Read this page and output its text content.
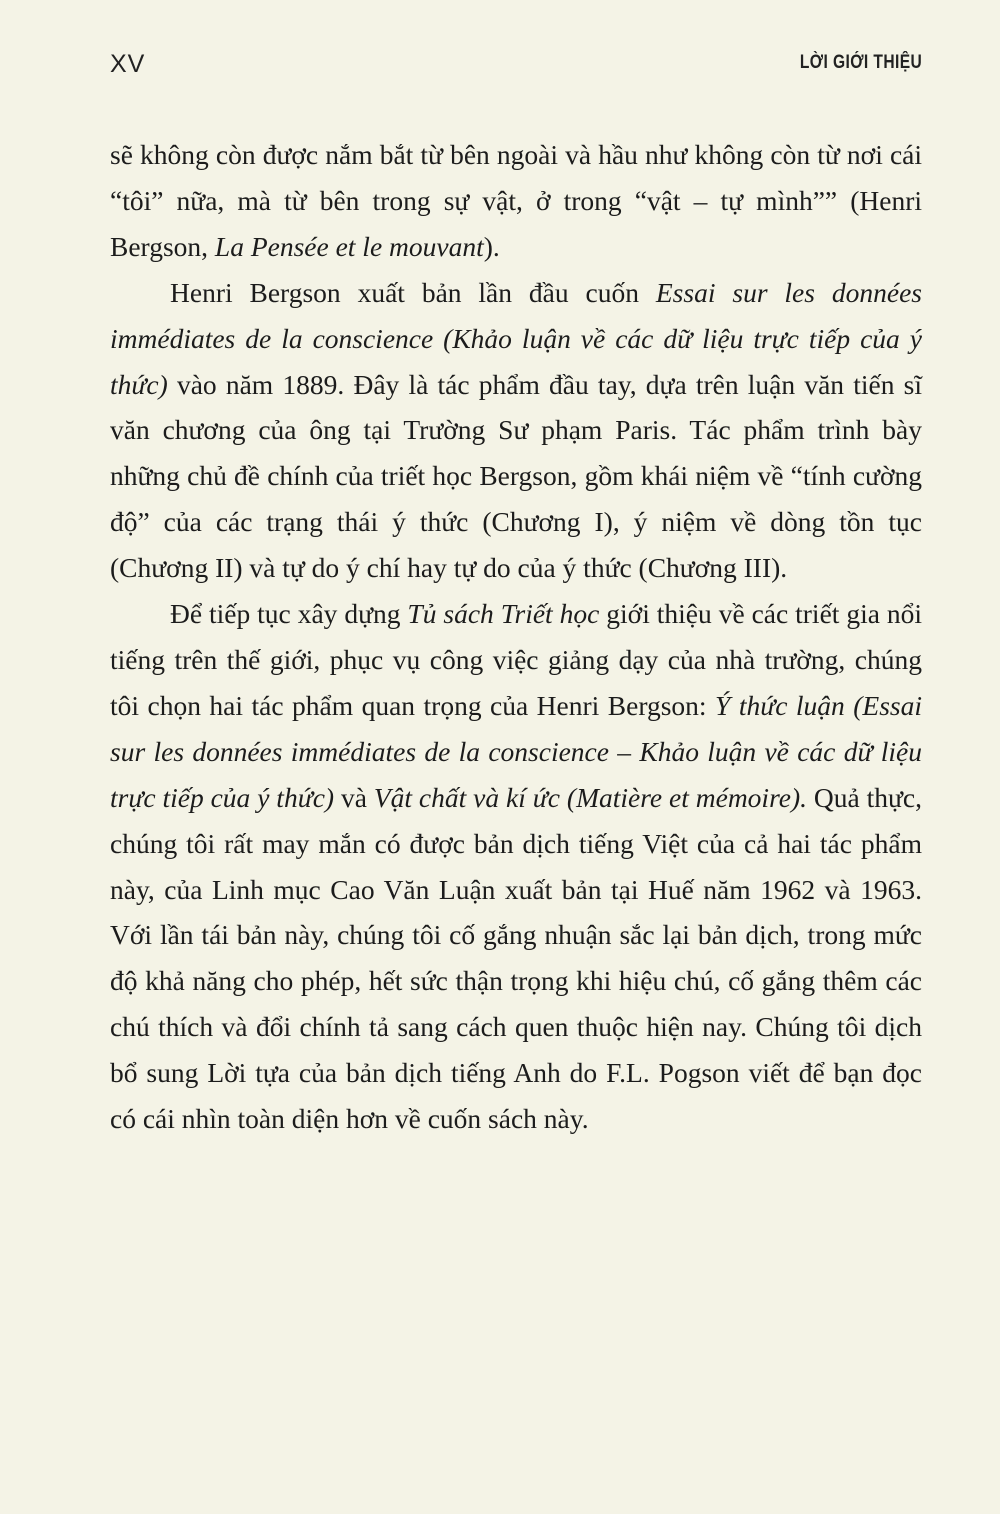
XV	LỜI GIỚI THIỆU

sẽ không còn được nắm bắt từ bên ngoài và hầu như không còn từ nơi cái “tôi” nữa, mà từ bên trong sự vật, ở trong “vật – tự mình”” (Henri Bergson, La Pensée et le mouvant).

Henri Bergson xuất bản lần đầu cuốn Essai sur les données immédiates de la conscience (Khảo luận về các dữ liệu trực tiếp của ý thức) vào năm 1889. Đây là tác phẩm đầu tay, dựa trên luận văn tiến sĩ văn chương của ông tại Trường Sư phạm Paris. Tác phẩm trình bày những chủ đề chính của triết học Bergson, gồm khái niệm về “tính cường độ” của các trạng thái ý thức (Chương I), ý niệm về dòng tồn tục (Chương II) và tự do ý chí hay tự do của ý thức (Chương III).

Để tiếp tục xây dựng Tủ sách Triết học giới thiệu về các triết gia nổi tiếng trên thế giới, phục vụ công việc giảng dạy của nhà trường, chúng tôi chọn hai tác phẩm quan trọng của Henri Bergson: Ý thức luận (Essai sur les données immédiates de la conscience – Khảo luận về các dữ liệu trực tiếp của ý thức) và Vật chất và kí ức (Matière et mémoire). Quả thực, chúng tôi rất may mắn có được bản dịch tiếng Việt của cả hai tác phẩm này, của Linh mục Cao Văn Luận xuất bản tại Huế năm 1962 và 1963. Với lần tái bản này, chúng tôi cố gắng nhuận sắc lại bản dịch, trong mức độ khả năng cho phép, hết sức thận trọng khi hiệu chú, cố gắng thêm các chú thích và đổi chính tả sang cách quen thuộc hiện nay. Chúng tôi dịch bổ sung Lời tựa của bản dịch tiếng Anh do F.L. Pogson viết để bạn đọc có cái nhìn toàn diện hơn về cuốn sách này.
